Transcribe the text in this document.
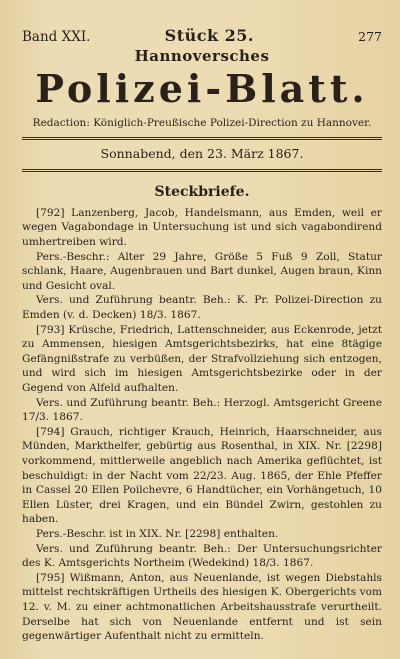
Band XXI.	Stück 25.	277
Hannoversches
Polizei-Blatt.
Redaction: Königlich-Preußische Polizei-Direction zu Hannover.
Sonnabend, den 23. März 1867.
Steckbriefe.

[792] Lanzenberg, Jacob, Handelsmann, aus Emden, weil er wegen Vagabondage in Untersuchung ist und sich vagabondirend umhertreiben wird.

Pers.-Beschr.: Alter 29 Jahre, Größe 5 Fuß 9 Zoll, Statur schlank, Haare, Augenbrauen und Bart dunkel, Augen braun, Kinn und Gesicht oval.

Vers. und Zuführung beantr. Beh.: K. Pr. Polizei-Direction zu Emden (v. d. Decken) 18/3. 1867.

[793] Krüsche, Friedrich, Lattenschneider, aus Eckenrode, jetzt zu Ammensen, hiesigen Amtsgerichtsbezirks, hat eine 8tägige Gefängnißstrafe zu verbüßen, der Strafvollziehung sich entzogen, und wird sich im hiesigen Amtsgerichtsbezirke oder in der Gegend von Alfeld aufhalten.

Vers. und Zuführung beantr. Beh.: Herzogl. Amtsgericht Greene 17/3. 1867.

[794] Grauch, richtiger Krauch, Heinrich, Haarschneider, aus Münden, Markthelfer, gebürtig aus Rosenthal, in XIX. Nr. [2298] vorkommend, mittlerweile angeblich nach Amerika geflüchtet, ist beschuldigt: in der Nacht vom 22/23. Aug. 1865, der Ehle Pfeffer in Cassel 20 Ellen Poilchevre, 6 Handtücher, ein Vorhängetuch, 10 Ellen Lüster, drei Kragen, und ein Bündel Zwirn, gestohlen zu haben.

Pers.-Beschr. ist in XIX. Nr. [2298] enthalten.

Vers. und Zuführung beantr. Beh.: Der Untersuchungsrichter des K. Amtsgerichts Northeim (Wedekind) 18/3. 1867.

[795] Wißmann, Anton, aus Neuenlande, ist wegen Diebstahls mittelst rechtskräftigen Urtheils des hiesigen K. Obergerichts vom 12. v. M. zu einer achtmonatlichen Arbeitshausstrafe verurtheilt. Derselbe hat sich von Neuenlande entfernt und ist sein gegenwärtiger Aufenthalt nicht zu ermitteln.
